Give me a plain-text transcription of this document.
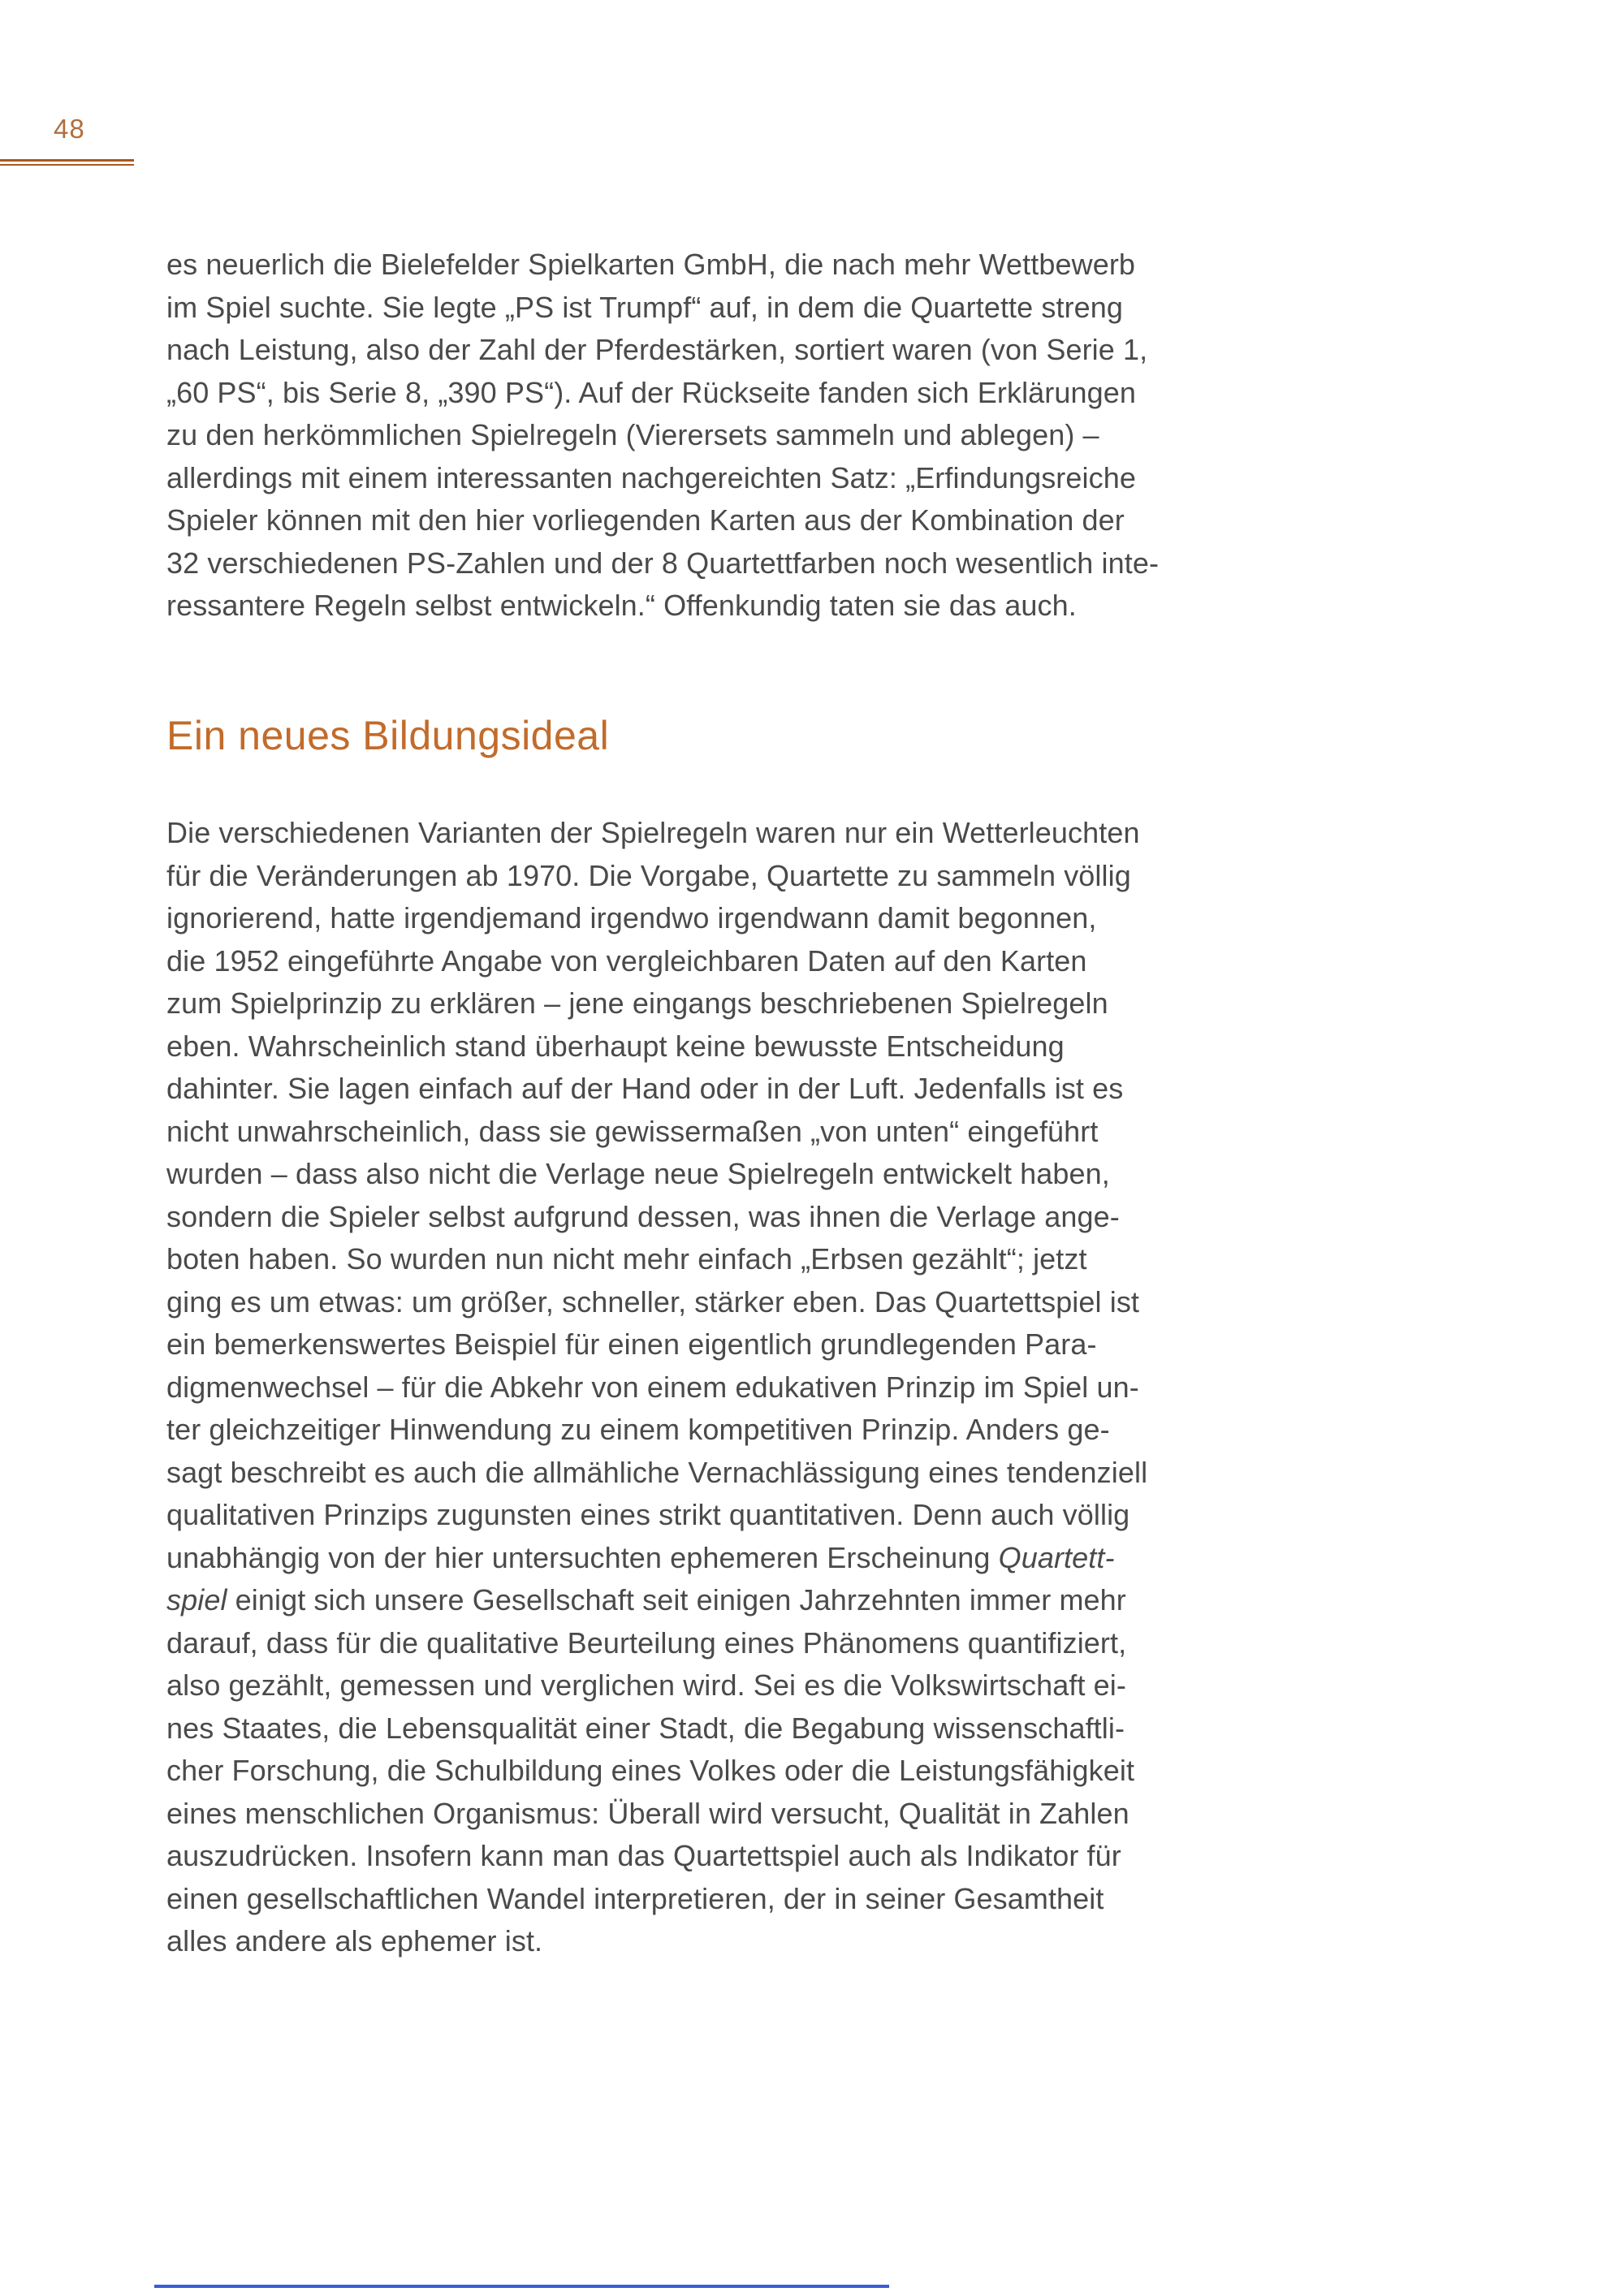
48
es neuerlich die Bielefelder Spielkarten GmbH, die nach mehr Wettbewerb
im Spiel suchte. Sie legte „PS ist Trumpf“ auf, in dem die Quartette streng
nach Leistung, also der Zahl der Pferdestärken, sortiert waren (von Serie 1,
„60 PS“, bis Serie 8, „390 PS“). Auf der Rückseite fanden sich Erklärungen
zu den herkömmlichen Spielregeln (Vierersets sammeln und ablegen) –
allerdings mit einem interessanten nachgereichten Satz: „Erfindungsreiche
Spieler können mit den hier vorliegenden Karten aus der Kombination der
32 verschiedenen PS-Zahlen und der 8 Quartettfarben noch wesentlich inte-
ressantere Regeln selbst entwickeln.“ Offenkundig taten sie das auch.
Ein neues Bildungsideal
Die verschiedenen Varianten der Spielregeln waren nur ein Wetterleuchten
für die Veränderungen ab 1970. Die Vorgabe, Quartette zu sammeln völlig
ignorierend, hatte irgendjemand irgendwo irgendwann damit begonnen,
die 1952 eingeführte Angabe von vergleichbaren Daten auf den Karten
zum Spielprinzip zu erklären – jene eingangs beschriebenen Spielregeln
eben. Wahrscheinlich stand überhaupt keine bewusste Entscheidung
dahinter. Sie lagen einfach auf der Hand oder in der Luft. Jedenfalls ist es
nicht unwahrscheinlich, dass sie gewissermaßen „von unten“ eingeführt
wurden – dass also nicht die Verlage neue Spielregeln entwickelt haben,
sondern die Spieler selbst aufgrund dessen, was ihnen die Verlage ange-
boten haben. So wurden nun nicht mehr einfach „Erbsen gezählt“; jetzt
ging es um etwas: um größer, schneller, stärker eben. Das Quartettspiel ist
ein bemerkenswertes Beispiel für einen eigentlich grundlegenden Para-
digmenwechsel – für die Abkehr von einem edukativen Prinzip im Spiel un-
ter gleichzeitiger Hinwendung zu einem kompetitiven Prinzip. Anders ge-
sagt beschreibt es auch die allmähliche Vernachlässigung eines tendenziell
qualitativen Prinzips zugunsten eines strikt quantitativen. Denn auch völlig
unabhängig von der hier untersuchten ephemeren Erscheinung Quartett-
spiel einigt sich unsere Gesellschaft seit einigen Jahrzehnten immer mehr
darauf, dass für die qualitative Beurteilung eines Phänomens quantifiziert,
also gezählt, gemessen und verglichen wird. Sei es die Volkswirtschaft ei-
nes Staates, die Lebensqualität einer Stadt, die Begabung wissenschaftli-
cher Forschung, die Schulbildung eines Volkes oder die Leistungsfähigkeit
eines menschlichen Organismus: Überall wird versucht, Qualität in Zahlen
auszudrücken. Insofern kann man das Quartettspiel auch als Indikator für
einen gesellschaftlichen Wandel interpretieren, der in seiner Gesamtheit
alles andere als ephemer ist.
